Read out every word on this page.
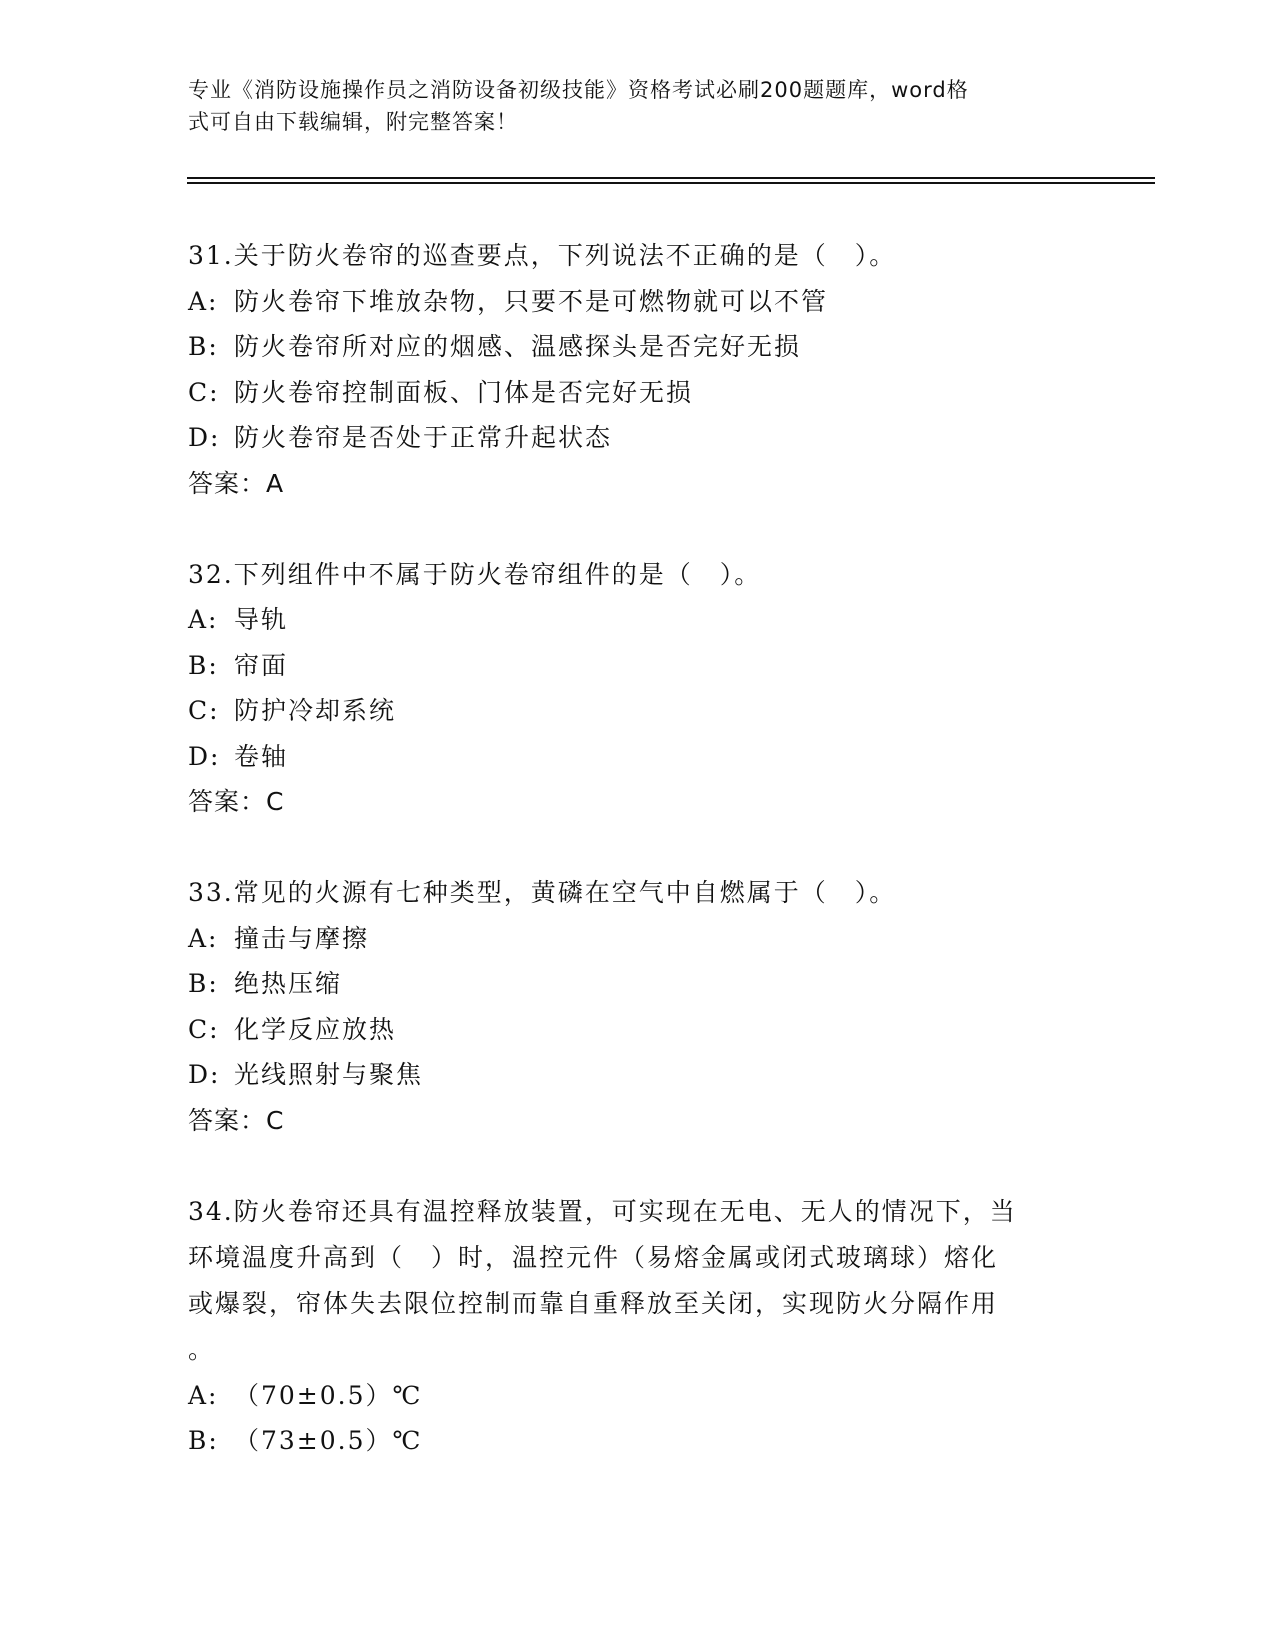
专业《消防设施操作员之消防设备初级技能》资格考试必刷200题题库，word格
式可自由下载编辑，附完整答案！
31.关于防火卷帘的巡查要点，下列说法不正确的是（　）。
A: 防火卷帘下堆放杂物，只要不是可燃物就可以不管
B: 防火卷帘所对应的烟感、温感探头是否完好无损
C: 防火卷帘控制面板、门体是否完好无损
D: 防火卷帘是否处于正常升起状态
答案：A
32.下列组件中不属于防火卷帘组件的是（　）。
A: 导轨
B: 帘面
C: 防护冷却系统
D: 卷轴
答案：C
33.常见的火源有七种类型，黄磷在空气中自燃属于（　）。
A: 撞击与摩擦
B: 绝热压缩
C: 化学反应放热
D: 光线照射与聚焦
答案：C
34.防火卷帘还具有温控释放装置，可实现在无电、无人的情况下，当
环境温度升高到（　）时，温控元件（易熔金属或闭式玻璃球）熔化
或爆裂，帘体失去限位控制而靠自重释放至关闭，实现防火分隔作用
。
A: （70±0.5）℃
B: （73±0.5）℃
